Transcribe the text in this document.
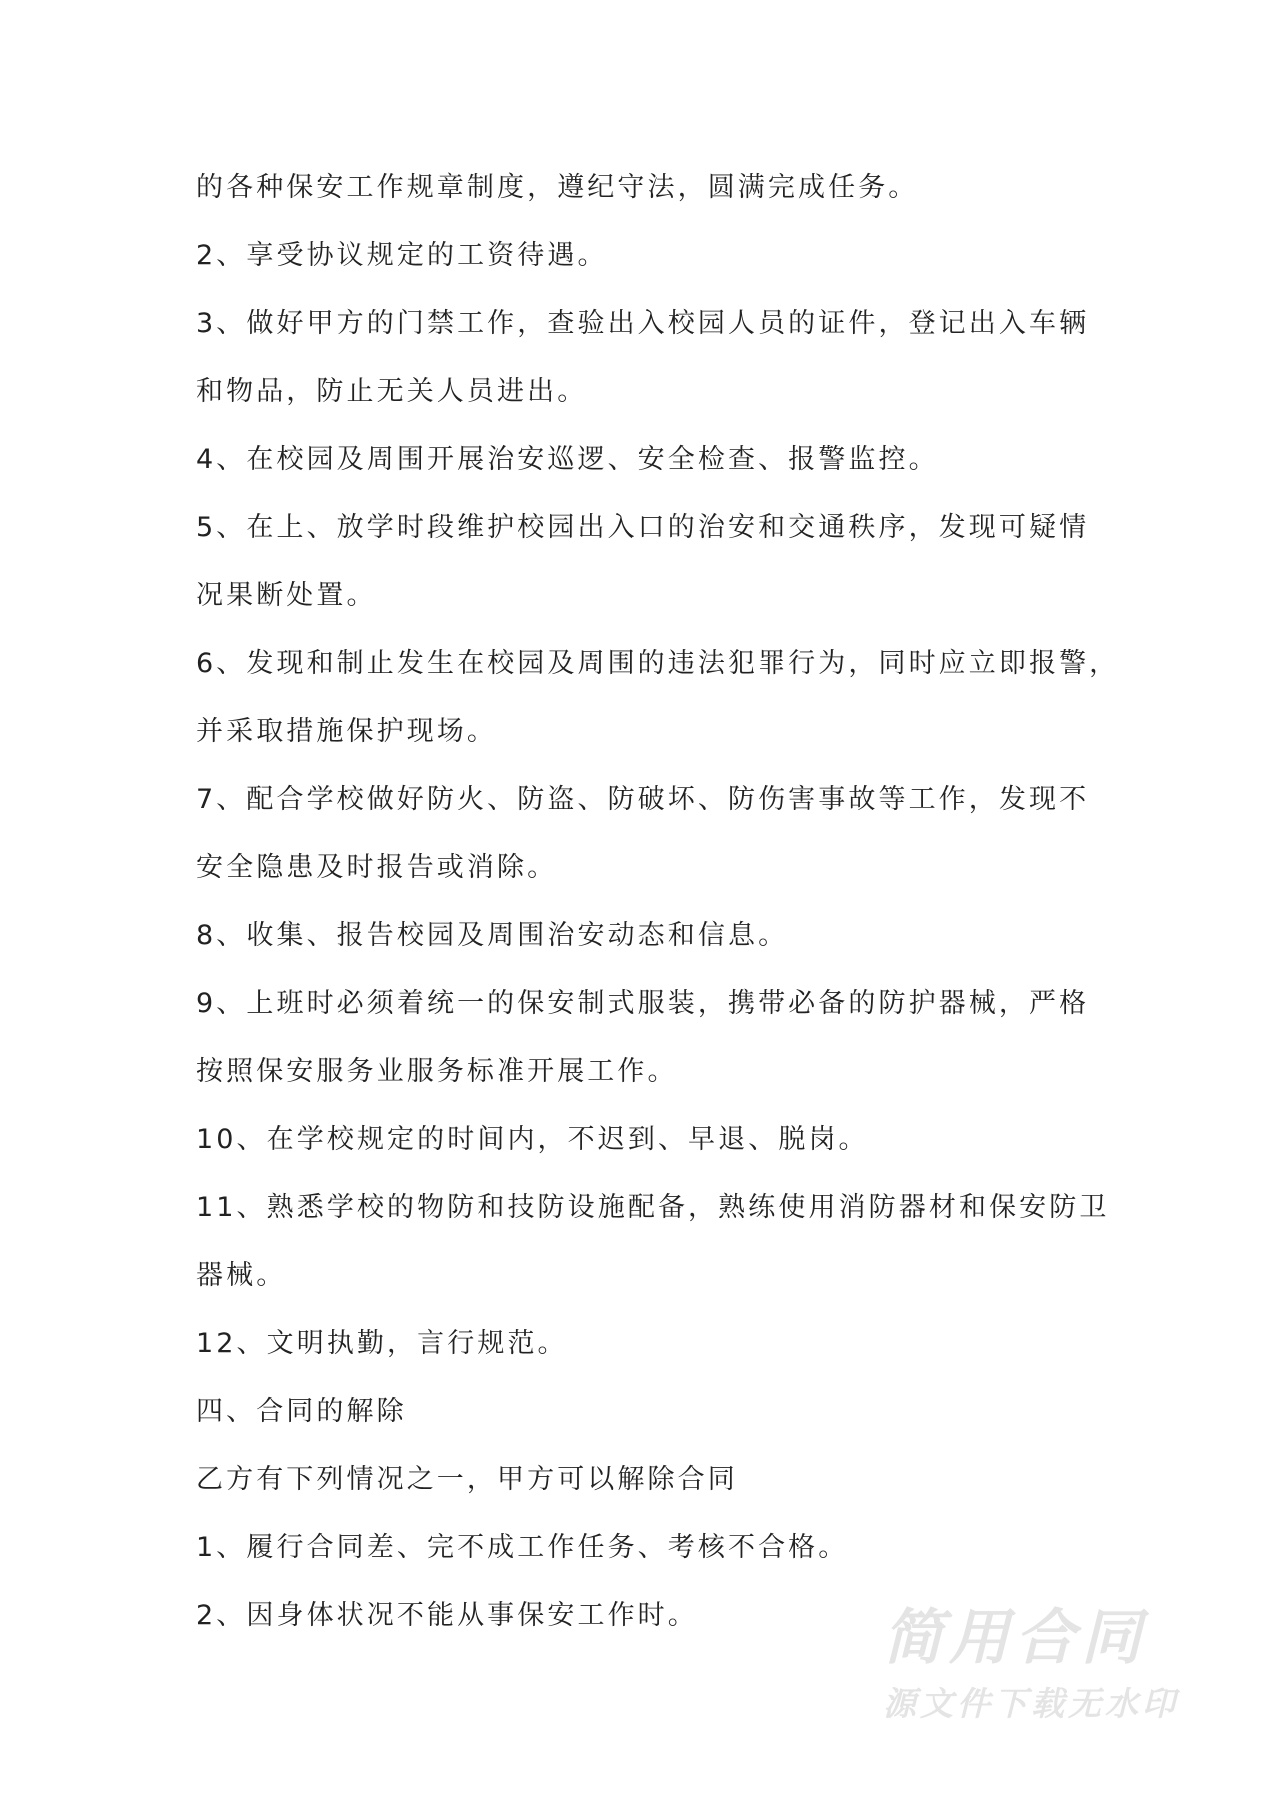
的各种保安工作规章制度，遵纪守法，圆满完成任务。
2、享受协议规定的工资待遇。
3、做好甲方的门禁工作，查验出入校园人员的证件，登记出入车辆
和物品，防止无关人员进出。
4、在校园及周围开展治安巡逻、安全检查、报警监控。
5、在上、放学时段维护校园出入口的治安和交通秩序，发现可疑情
况果断处置。
6、发现和制止发生在校园及周围的违法犯罪行为，同时应立即报警，
并采取措施保护现场。
7、配合学校做好防火、防盗、防破坏、防伤害事故等工作，发现不
安全隐患及时报告或消除。
8、收集、报告校园及周围治安动态和信息。
9、上班时必须着统一的保安制式服装，携带必备的防护器械，严格
按照保安服务业服务标准开展工作。
10、在学校规定的时间内，不迟到、早退、脱岗。
11、熟悉学校的物防和技防设施配备，熟练使用消防器材和保安防卫
器械。
12、文明执勤，言行规范。
四、合同的解除
乙方有下列情况之一，甲方可以解除合同
1、履行合同差、完不成工作任务、考核不合格。
2、因身体状况不能从事保安工作时。	简用合同
源文件下载无水印
